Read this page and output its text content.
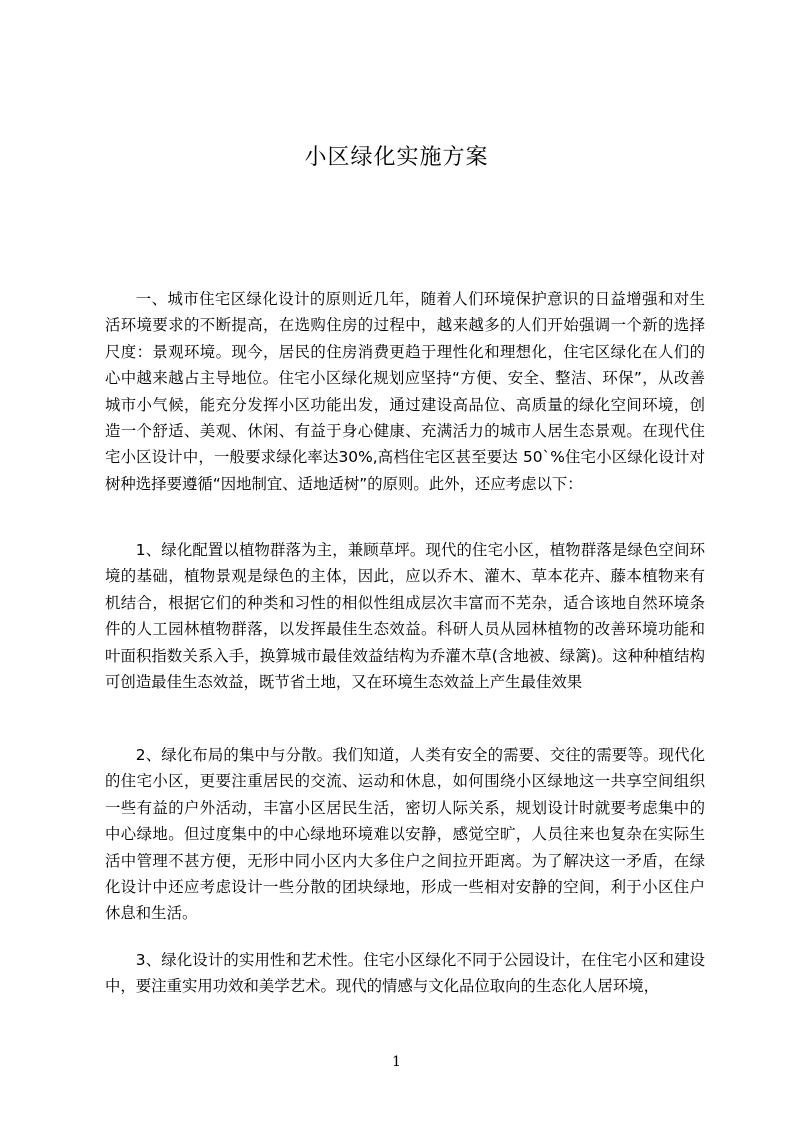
小区绿化实施方案

一、城市住宅区绿化设计的原则近几年，随着人们环境保护意识的日益增强和对生活环境要求的不断提高，在选购住房的过程中，越来越多的人们开始强调一个新的选择尺度：景观环境。现今，居民的住房消费更趋于理性化和理想化，住宅区绿化在人们的心中越来越占主导地位。住宅小区绿化规划应坚持“方便、安全、整洁、环保”，从改善城市小气候，能充分发挥小区功能出发，通过建设高品位、高质量的绿化空间环境，创造一个舒适、美观、休闲、有益于身心健康、充满活力的城市人居生态景观。在现代住宅小区设计中，一般要求绿化率达30%,高档住宅区甚至要达 50`%住宅小区绿化设计对树种选择要遵循“因地制宜、适地适树”的原则。此外，还应考虑以下：

1、绿化配置以植物群落为主，兼顾草坪。现代的住宅小区，植物群落是绿色空间环境的基础，植物景观是绿色的主体，因此，应以乔木、灌木、草本花卉、藤本植物来有机结合，根据它们的种类和习性的相似性组成层次丰富而不芜杂，适合该地自然环境条件的人工园林植物群落，以发挥最佳生态效益。科研人员从园林植物的改善环境功能和叶面积指数关系入手，换算城市最佳效益结构为乔灌木草(含地被、绿篱)。这种种植结构可创造最佳生态效益，既节省土地，又在环境生态效益上产生最佳效果

2、绿化布局的集中与分散。我们知道，人类有安全的需要、交往的需要等。现代化的住宅小区，更要注重居民的交流、运动和休息，如何围绕小区绿地这一共享空间组织一些有益的户外活动，丰富小区居民生活，密切人际关系，规划设计时就要考虑集中的中心绿地。但过度集中的中心绿地环境难以安静，感觉空旷，人员往来也复杂在实际生活中管理不甚方便，无形中同小区内大多住户之间拉开距离。为了解决这一矛盾，在绿化设计中还应考虑设计一些分散的团块绿地，形成一些相对安静的空间，利于小区住户休息和生活。

3、绿化设计的实用性和艺术性。住宅小区绿化不同于公园设计，在住宅小区和建设中，要注重实用功效和美学艺术。现代的情感与文化品位取向的生态化人居环境，

1
